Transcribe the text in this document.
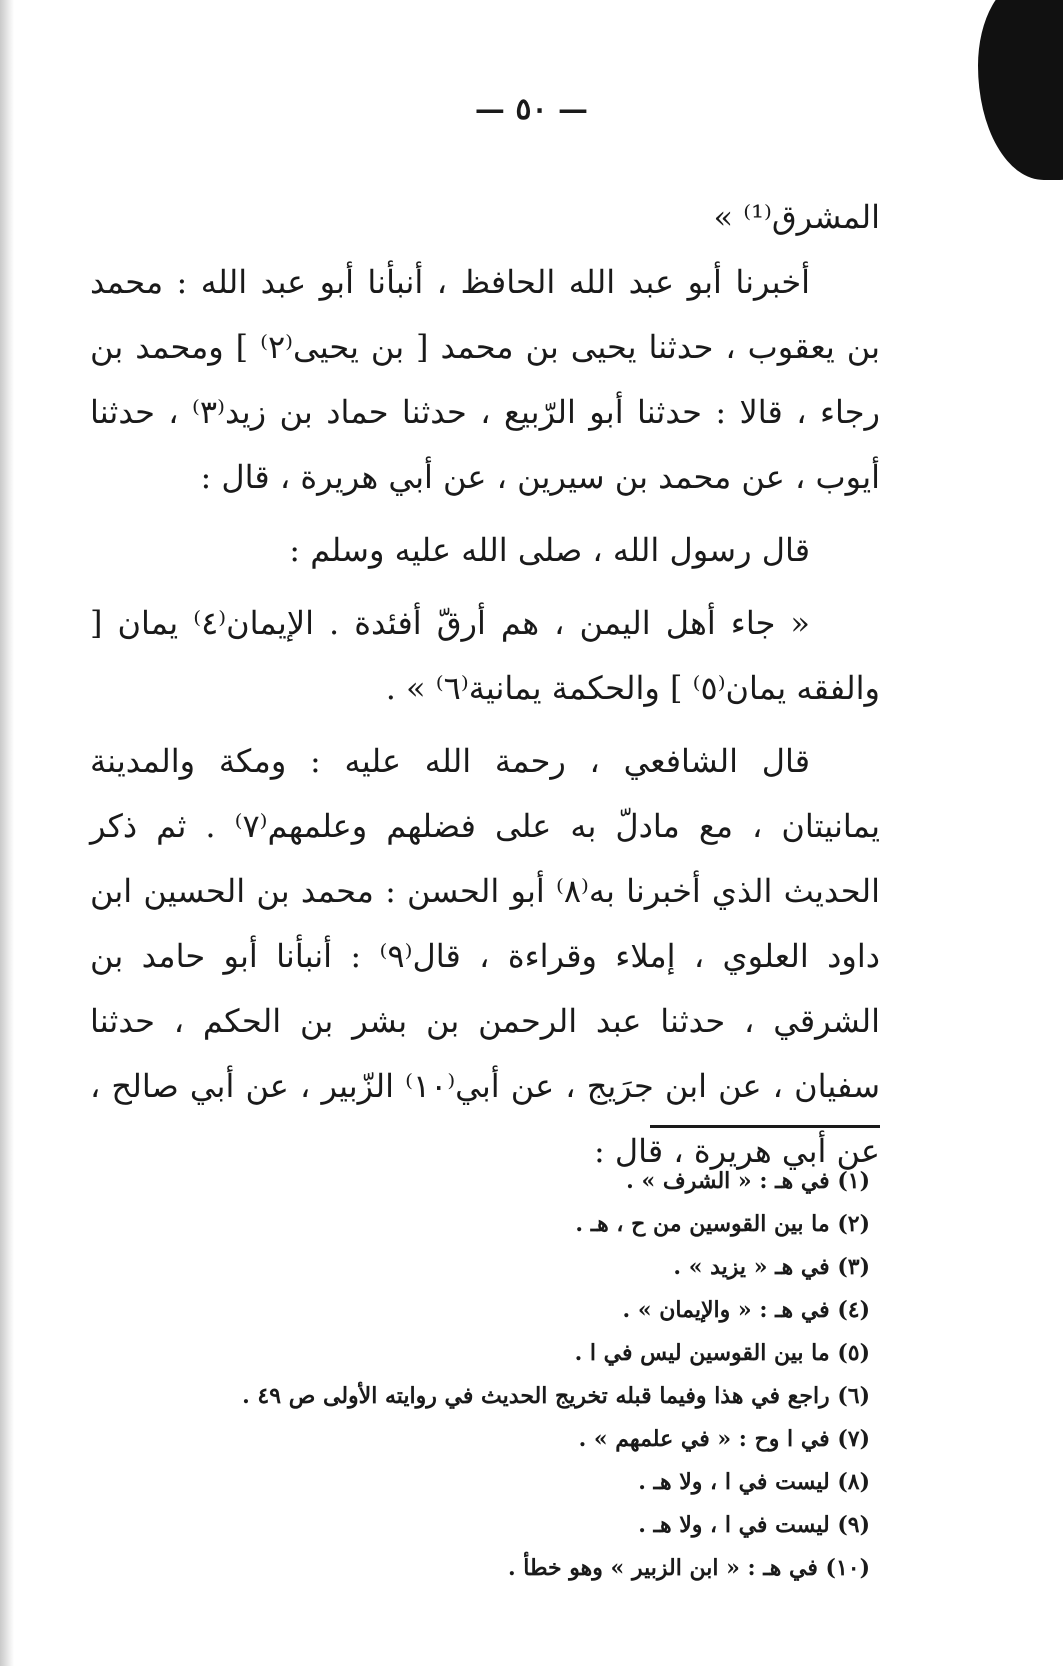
— ٥٠ —

المشرق⁽¹⁾ »

أخبرنا أبو عبد الله الحافظ ، أنبأنا أبو عبد الله : محمد بن يعقوب ، حدثنا يحيى بن محمد [ بن يحيى⁽٢⁾ ] ومحمد بن رجاء ، قالا : حدثنا أبو الرّبيع ، حدثنا حماد بن زيد⁽٣⁾ ، حدثنا أيوب ، عن محمد بن سيرين ، عن أبي هريرة ، قال :

قال رسول الله ، صلى الله عليه وسلم :

« جاء أهل اليمن ، هم أرقّ أفئدة . الإيمان⁽٤⁾ يمان [ والفقه يمان⁽٥⁾ ] والحكمة يمانية⁽٦⁾ » .

قال الشافعي ، رحمة الله عليه : ومكة والمدينة يمانيتان ، مع مادلّ به على فضلهم وعلمهم⁽٧⁾ . ثم ذكر الحديث الذي أخبرنا به⁽٨⁾ أبو الحسن : محمد بن الحسين ابن داود العلوي ، إملاء وقراءة ، قال⁽٩⁾ : أنبأنا أبو حامد بن الشرقي ، حدثنا عبد الرحمن بن بشر بن الحكم ، حدثنا سفيان ، عن ابن جرَيج ، عن أبي⁽١٠⁾ الزّبير ، عن أبي صالح ، عن أبي هريرة ، قال :

(١) في هـ : « الشرف » .
(٢) ما بين القوسين من ح ، هـ .
(٣) في هـ « يزيد » .
(٤) في هـ : « والإيمان » .
(٥) ما بين القوسين ليس في ا .
(٦) راجع في هذا وفيما قبله تخريج الحديث في روايته الأولى ص ٤٩ .
(٧) في ا وح : « في علمهم » .
(٨) ليست في ا ، ولا هـ .
(٩) ليست في ا ، ولا هـ .
(١٠) في هـ : « ابن الزبير » وهو خطأ .
